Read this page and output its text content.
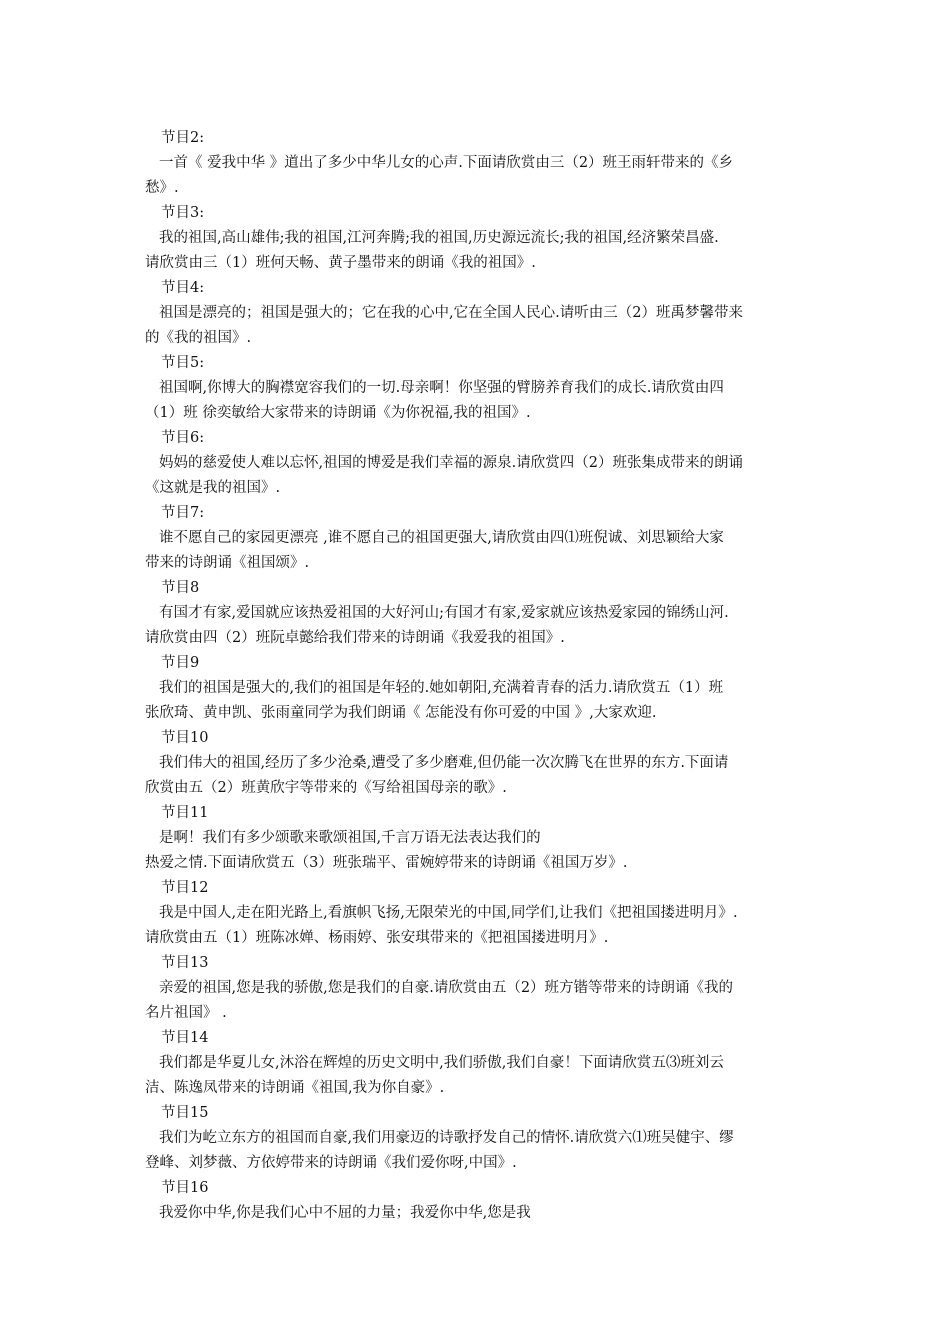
节目2:
一首《 爱我中华 》道出了多少中华儿女的心声.下面请欣赏由三（2）班王雨轩带来的《乡
愁》.
节目3:
我的祖国,高山雄伟;我的祖国,江河奔腾;我的祖国,历史源远流长;我的祖国,经济繁荣昌盛.
请欣赏由三（1）班何天畅、黄子墨带来的朗诵《我的祖国》.
节目4:
祖国是漂亮的；祖国是强大的；它在我的心中,它在全国人民心.请听由三（2）班禹梦馨带来
的《我的祖国》.
节目5:
祖国啊,你博大的胸襟宽容我们的一切.母亲啊！你坚强的臂膀养育我们的成长.请欣赏由四
（1）班 徐奕敏给大家带来的诗朗诵《为你祝福,我的祖国》.
节目6:
妈妈的慈爱使人难以忘怀,祖国的博爱是我们幸福的源泉.请欣赏四（2）班张集成带来的朗诵
《这就是我的祖国》.
节目7:
谁不愿自己的家园更漂亮 ,谁不愿自己的祖国更强大,请欣赏由四⑴班倪诚、刘思颖给大家
带来的诗朗诵《祖国颂》.
节目8
有国才有家,爱国就应该热爱祖国的大好河山;有国才有家,爱家就应该热爱家园的锦绣山河.
请欣赏由四（2）班阮卓懿给我们带来的诗朗诵《我爱我的祖国》.
节目9
我们的祖国是强大的,我们的祖国是年轻的.她如朝阳,充满着青春的活力.请欣赏五（1）班
张欣琦、黄申凯、张雨童同学为我们朗诵《 怎能没有你可爱的中国 》,大家欢迎.
节目10
我们伟大的祖国,经历了多少沧桑,遭受了多少磨难,但仍能一次次腾飞在世界的东方.下面请
欣赏由五（2）班黄欣宇等带来的《写给祖国母亲的歌》.
节目11
是啊！我们有多少颂歌来歌颂祖国,千言万语无法表达我们的
热爱之情.下面请欣赏五（3）班张瑞平、雷婉婷带来的诗朗诵《祖国万岁》.
节目12
我是中国人,走在阳光路上,看旗帜飞扬,无限荣光的中国,同学们,让我们《把祖国搂进明月》.
请欣赏由五（1）班陈冰婵、杨雨婷、张安琪带来的《把祖国搂进明月》.
节目13
亲爱的祖国,您是我的骄傲,您是我们的自豪.请欣赏由五（2）班方锴等带来的诗朗诵《我的
名片祖国》 .
节目14
我们都是华夏儿女,沐浴在辉煌的历史文明中,我们骄傲,我们自豪！下面请欣赏五⑶班刘云
洁、陈逸凤带来的诗朗诵《祖国,我为你自豪》.
节目15
我们为屹立东方的祖国而自豪,我们用豪迈的诗歌抒发自己的情怀.请欣赏六⑴班吴健宇、缪
登峰、刘梦薇、方依婷带来的诗朗诵《我们爱你呀,中国》.
节目16
我爱你中华,你是我们心中不屈的力量；我爱你中华,您是我
